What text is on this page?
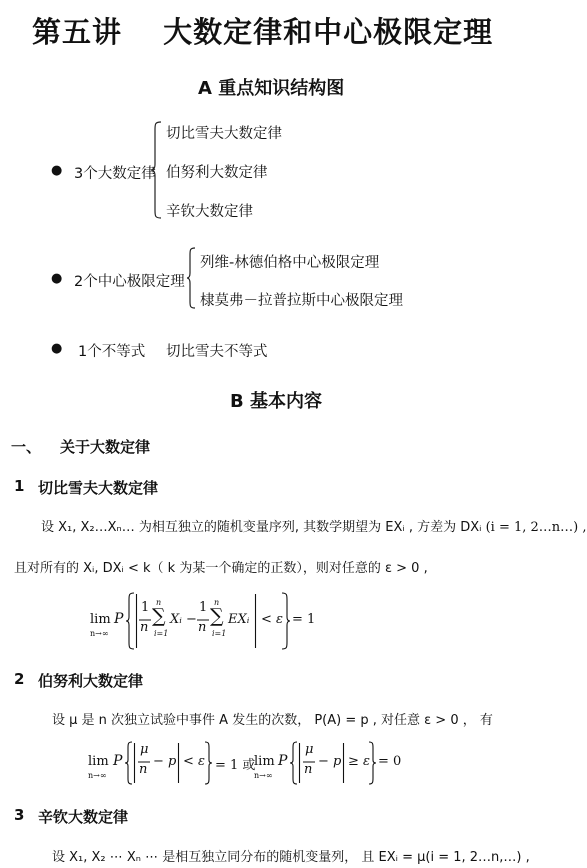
第五讲　 大数定律和中心极限定理
A 重点知识结构图
● 3个大数定律
切比雪夫大数定律
伯努利大数定律
辛钦大数定律
● 2个中心极限定理
列维-林德伯格中心极限定理
棣莫弗－拉普拉斯中心极限定理
● 1个不等式 切比雪夫不等式
B 基本内容
一、 关于大数定律
1 切比雪夫大数定律
设 X₁, X₂…Xₙ… 为相互独立的随机变量序列, 其数学期望为 EXᵢ , 方差为 DXᵢ (i = 1, 2…n…) ,
且对所有的 Xᵢ, DXᵢ < k（ k 为某一个确定的正数），则对任意的 ε > 0 ,
lim
n→∞
P
1
n
n
∑
i=1
Xᵢ −
1
n
n
∑
i=1
EXᵢ < ε = 1
2 伯努利大数定律
设 μ 是 n 次独立试验中事件 A 发生的次数， P(A) = p , 对任意 ε > 0 ， 有
lim
n→∞
P
μ
n
− p < ε = 1 或
lim
n→∞
P
μ
n
− p ≥ ε = 0
3 辛钦大数定律
设 X₁, X₂ ⋯ Xₙ ⋯ 是相互独立同分布的随机变量列， 且 EXᵢ = μ(i = 1, 2…n,…) ,
